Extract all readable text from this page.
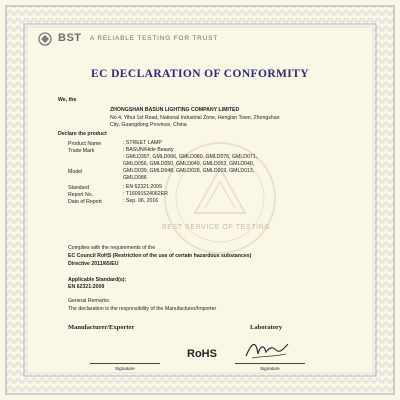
BEST SERVICE OF TESTING
BST A RELIABLE TESTING FOR TRUST
EC DECLARATION OF CONFORMITY
We, the
ZHONGSHAN BASUN LIGHTING COMPANY LIMITED
No.4, Yihui 1st Road, National Industrial Zone, Henglan Town, Zhongshan
City, Guangdong Province, China
Declare the product
Product Name	: STREET LAMP
Trade Mark	: BASUN/Hide Beauty
Model
: GMLD397, GMLD066, GMLD080, GMLD076, GMLD071,
GMLD056, GMLD050, GMLD049, GMLD053, GMLD040,
GMLD039, GMLD048, GMLD028, GMLD019, GMLD013,
GMLD086
Standard	: EN 62321:2009
Report No.	: T16091524062ER
Date of Report	: Sep. 06, 2016
Complies with the requirements of the
EC Council RoHS (Restriction of the use of certain hazardous substances)
Directive 2011/65/EU
Applicable Standard(s):
EN 62321:2009
General Remarks:
The declaration is the responsibility of the Manufacturer/Importer
Manufacturer/Exporter	Laboratory
RoHS
Signature	Signature
